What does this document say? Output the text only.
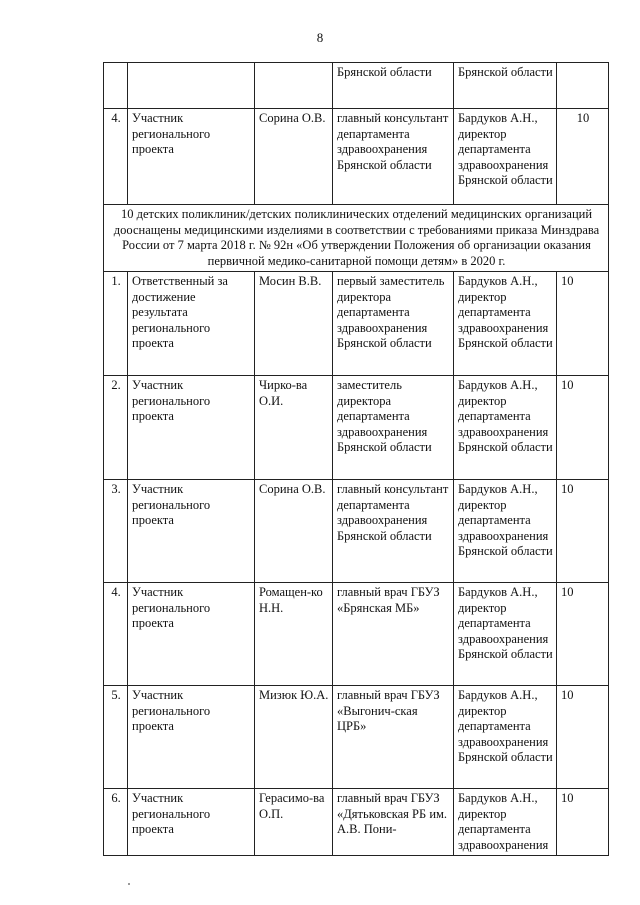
8
			Брянской области	Брянской области	
4.	Участник регионального проекта	Сорина О.В.	главный консультант департамента здравоохранения Брянской области	Бардуков А.Н., директор департамента здравоохранения Брянской области	10
10 детских поликлиник/детских поликлинических отделений медицинских организаций дооснащены медицинскими изделиями в соответствии с требованиями приказа Минздрава России от 7 марта 2018 г. № 92н «Об утверждении Положения об организации оказания первичной медико-санитарной помощи детям» в 2020 г.					
1.	Ответственный за достижение результата регионального проекта	Мосин В.В.	первый заместитель директора департамента здравоохранения Брянской области	Бардуков А.Н., директор департамента здравоохранения Брянской области	10
2.	Участник регионального проекта	Чирко-ва О.И.	заместитель директора департамента здравоохранения Брянской области	Бардуков А.Н., директор департамента здравоохранения Брянской области	10
3.	Участник регионального проекта	Сорина О.В.	главный консультант департамента здравоохранения Брянской области	Бардуков А.Н., директор департамента здравоохранения Брянской области	10
4.	Участник регионального проекта	Ромащен-ко Н.Н.	главный врач ГБУЗ «Брянская МБ»	Бардуков А.Н., директор департамента здравоохранения Брянской области	10
5.	Участник регионального проекта	Мизюк Ю.А.	главный врач ГБУЗ «Выгонич-ская ЦРБ»	Бардуков А.Н., директор департамента здравоохранения Брянской области	10
6.	Участник регионального проекта	Герасимо-ва О.П.	главный врач ГБУЗ «Дятьковская РБ им. А.В. Пони-	Бардуков А.Н., директор департамента здравоохранения	10
